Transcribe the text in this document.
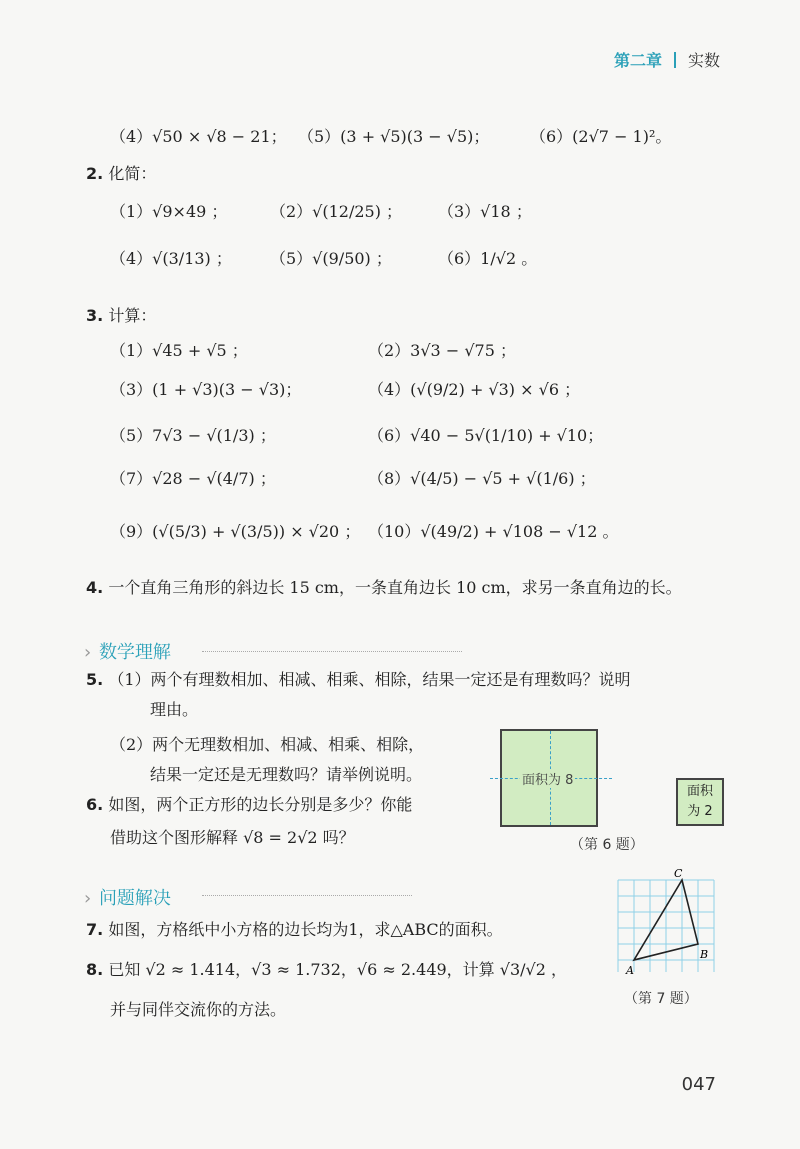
第二章 实数
（4）√50 × √8 − 21； （5）(3 + √5)(3 − √5)；	（6）(2√7 − 1)²。
2. 化简：
（1）√9×49 ；	（2）√(12/25) ； （3）√18 ；
（4）√(3/13) ； （5）√(9/50) ；	（6）1/√2 。
3. 计算：
（1）√45 + √5 ；	（2）3√3 − √75 ；
（3）(1 + √3)(3 − √3)；	（4）(√(9/2) + √3) × √6 ；
（5）7√3 − √(1/3) ；	（6）√40 − 5√(1/10) + √10；
（7）√28 − √(4/7) ；	（8）√(4/5) − √5 + √(1/6) ；
（9）(√(5/3) + √(3/5)) × √20 ； （10）√(49/2) + √108 − √12 。
4. 一个直角三角形的斜边长 15 cm，一条直角边长 10 cm，求另一条直角边的长。
› 数学理解
5. （1）两个有理数相加、相减、相乘、相除，结果一定还是有理数吗？说明
理由。
（2）两个无理数相加、相减、相乘、相除，
结果一定还是无理数吗？请举例说明。
6. 如图，两个正方形的边长分别是多少？你能
借助这个图形解释 √8 = 2√2 吗？
面积为 8
面积
为 2
（第 6 题）
› 问题解决
7. 如图，方格纸中小方格的边长均为1，求△ABC的面积。
8. 已知 √2 ≈ 1.414，√3 ≈ 1.732，√6 ≈ 2.449，计算 √3/√2 ，
并与同伴交流你的方法。
A
B
C
（第 7 题）
047
